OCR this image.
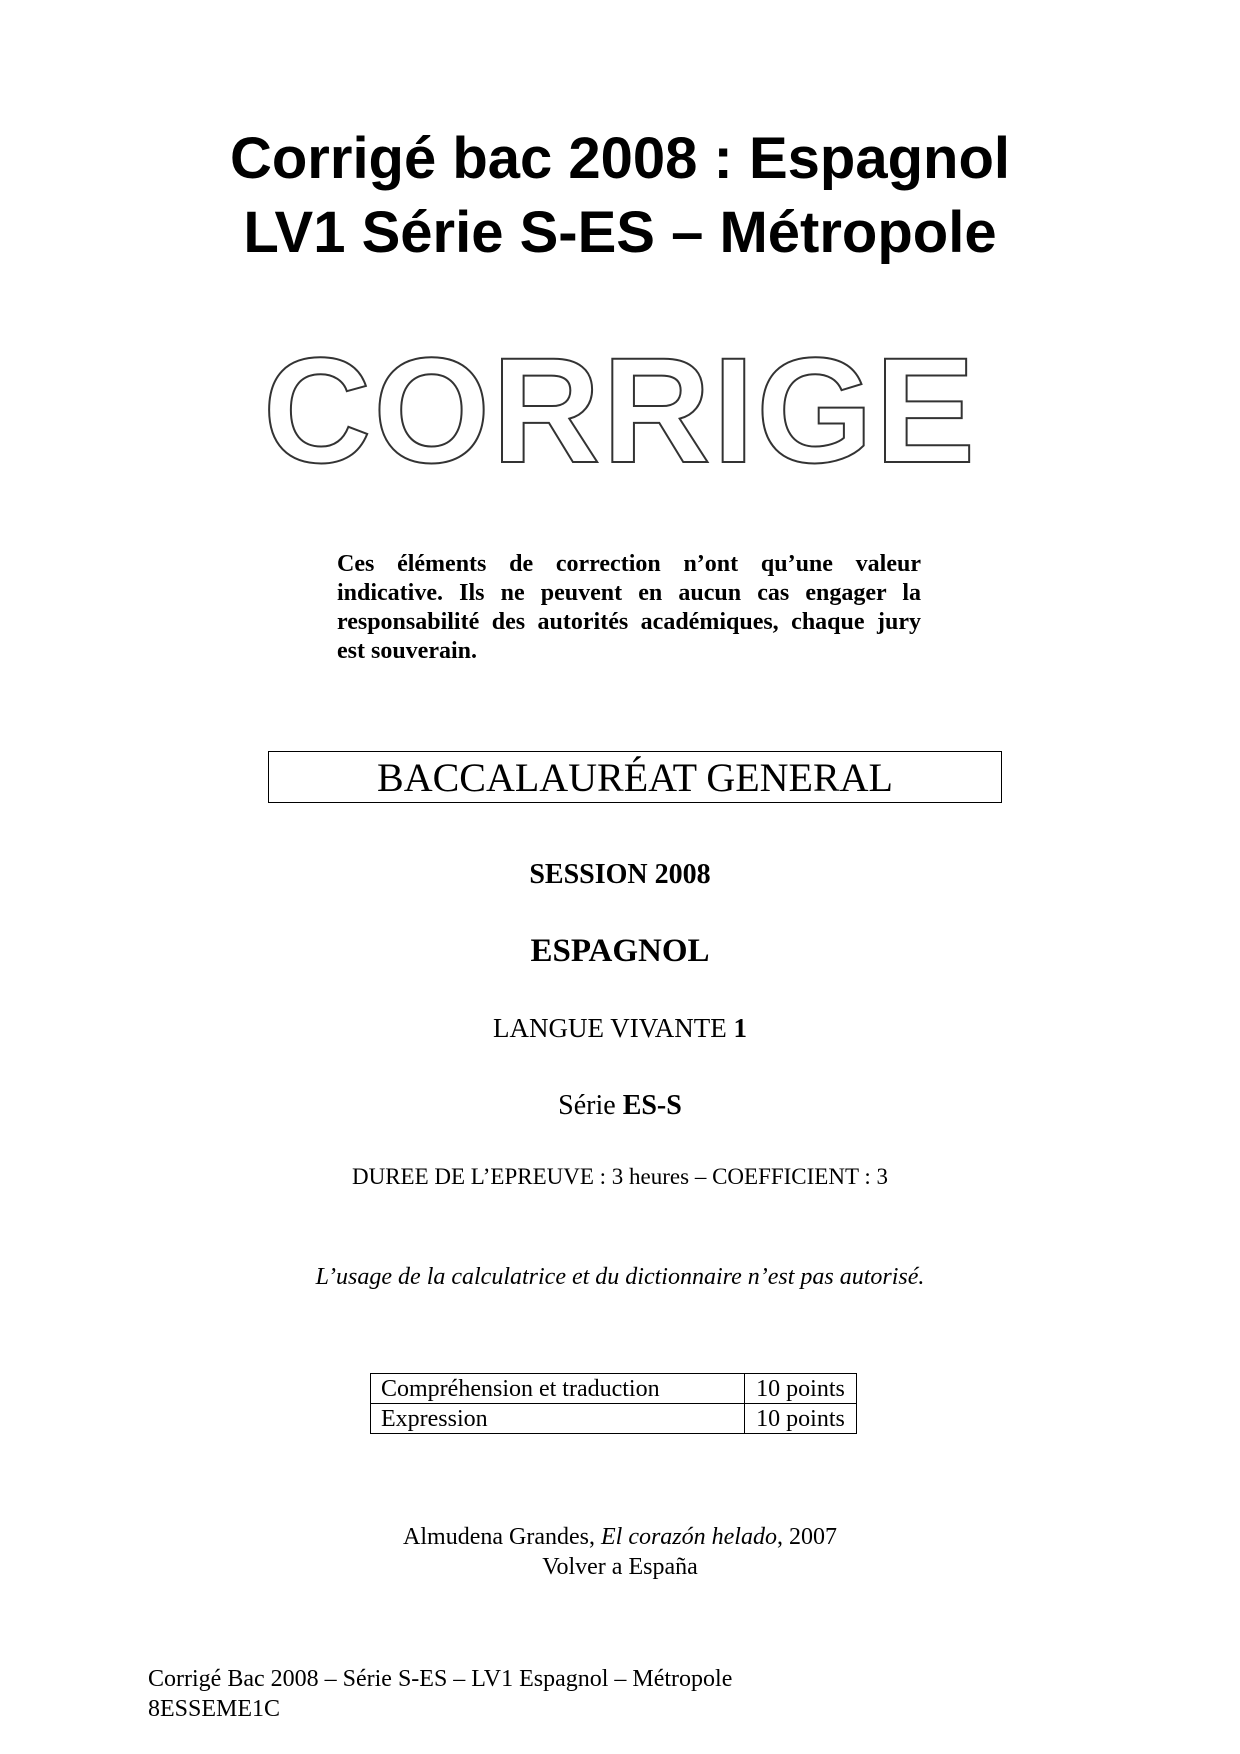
Corrigé bac 2008 : Espagnol
LV1 Série S-ES – Métropole
CORRIGE
Ces éléments de correction n’ont qu’une valeur indicative. Ils ne peuvent en aucun cas engager la responsabilité des autorités académiques, chaque jury est souverain.
BACCALAURÉAT GENERAL
SESSION 2008
ESPAGNOL
LANGUE VIVANTE 1
Série ES-S
DUREE DE L’EPREUVE : 3 heures – COEFFICIENT : 3
L’usage de la calculatrice et du dictionnaire n’est pas autorisé.
Compréhension et traduction	10 points
Expression	10 points
Almudena Grandes, El corazón helado, 2007
Volver a España
Corrigé Bac 2008 – Série S-ES – LV1 Espagnol – Métropole
8ESSEME1C
